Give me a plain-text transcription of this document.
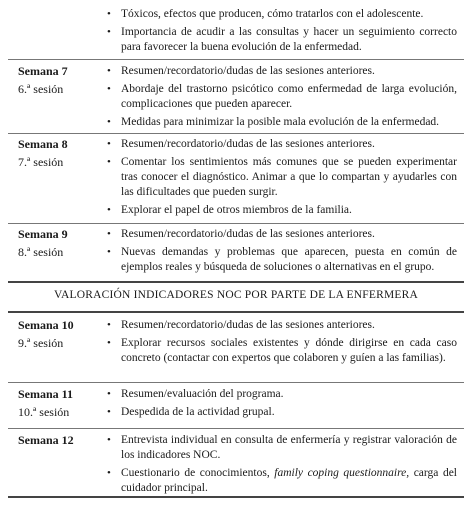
• Tóxicos, efectos que producen, cómo tratarlos con el adolescente.
• Importancia de acudir a las consultas y hacer un seguimiento correcto para favorecer la buena evolución de la enfermedad.
Semana 7
6.ª sesión
• Resumen/recordatorio/dudas de las sesiones anteriores.
• Abordaje del trastorno psicótico como enfermedad de larga evolución, complicaciones que pueden aparecer.
• Medidas para minimizar la posible mala evolución de la enfermedad.
Semana 8
7.ª sesión
• Resumen/recordatorio/dudas de las sesiones anteriores.
• Comentar los sentimientos más comunes que se pueden experimentar tras conocer el diagnóstico. Animar a que lo compartan y ayudarles con las dificultades que pueden surgir.
• Explorar el papel de otros miembros de la familia.
Semana 9
8.ª sesión
• Resumen/recordatorio/dudas de las sesiones anteriores.
• Nuevas demandas y problemas que aparecen, puesta en común de ejemplos reales y búsqueda de soluciones o alternativas en el grupo.
VALORACIÓN INDICADORES NOC POR PARTE DE LA ENFERMERA
Semana 10
9.ª sesión
• Resumen/recordatorio/dudas de las sesiones anteriores.
• Explorar recursos sociales existentes y dónde dirigirse en cada caso concreto (contactar con expertos que colaboren y guíen a las familias).
Semana 11
10.ª sesión
• Resumen/evaluación del programa.
• Despedida de la actividad grupal.
Semana 12	• Entrevista individual en consulta de enfermería y registrar valoración de los indicadores NOC.
• Cuestionario de conocimientos, family coping questionnaire, carga del cuidador principal.
